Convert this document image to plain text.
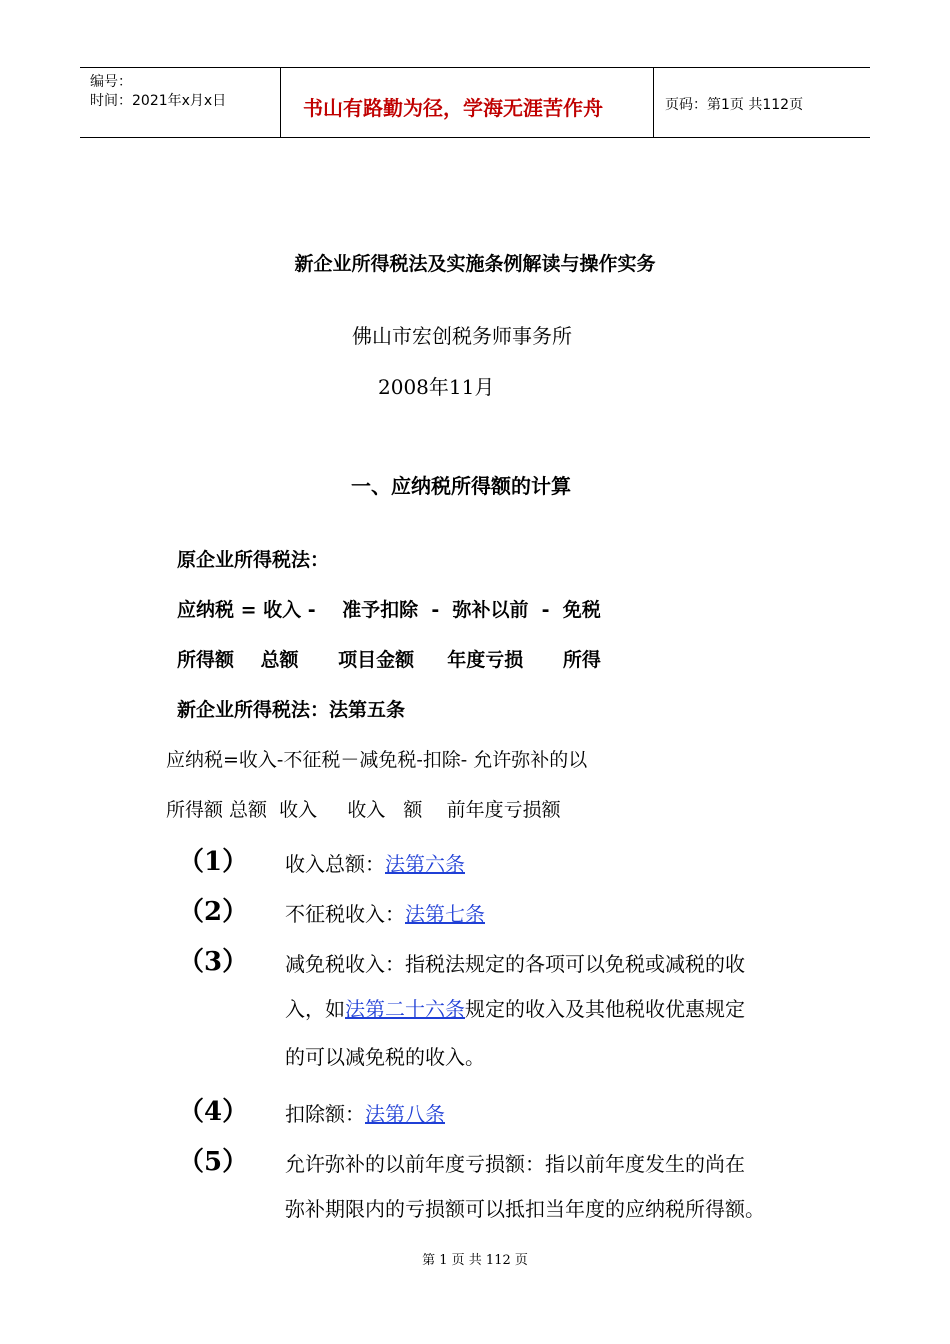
编号：
时间：2021年x月x日	书山有路勤为径，学海无涯苦作舟	页码：第1页 共112页
新企业所得税法及实施条例解读与操作实务
佛山市宏创税务师事务所
2008年11月
一、应纳税所得额的计算
原企业所得税法：
应纳税 = 收入 -    准予扣除  -  弥补以前  -  免税
所得额    总额      项目金额     年度亏损      所得
新企业所得税法：法第五条
应纳税=收入-不征税－减免税-扣除- 允许弥补的以
所得额 总额  收入     收入   额    前年度亏损额
（1） 收入总额：法第六条
（2） 不征税收入：法第七条
（3） 减免税收入：指税法规定的各项可以免税或减税的收
入，如法第二十六条规定的收入及其他税收优惠规定
的可以减免税的收入。
（4） 扣除额：法第八条
（5） 允许弥补的以前年度亏损额：指以前年度发生的尚在
弥补期限内的亏损额可以抵扣当年度的应纳税所得额。
第 1 页 共 112 页
